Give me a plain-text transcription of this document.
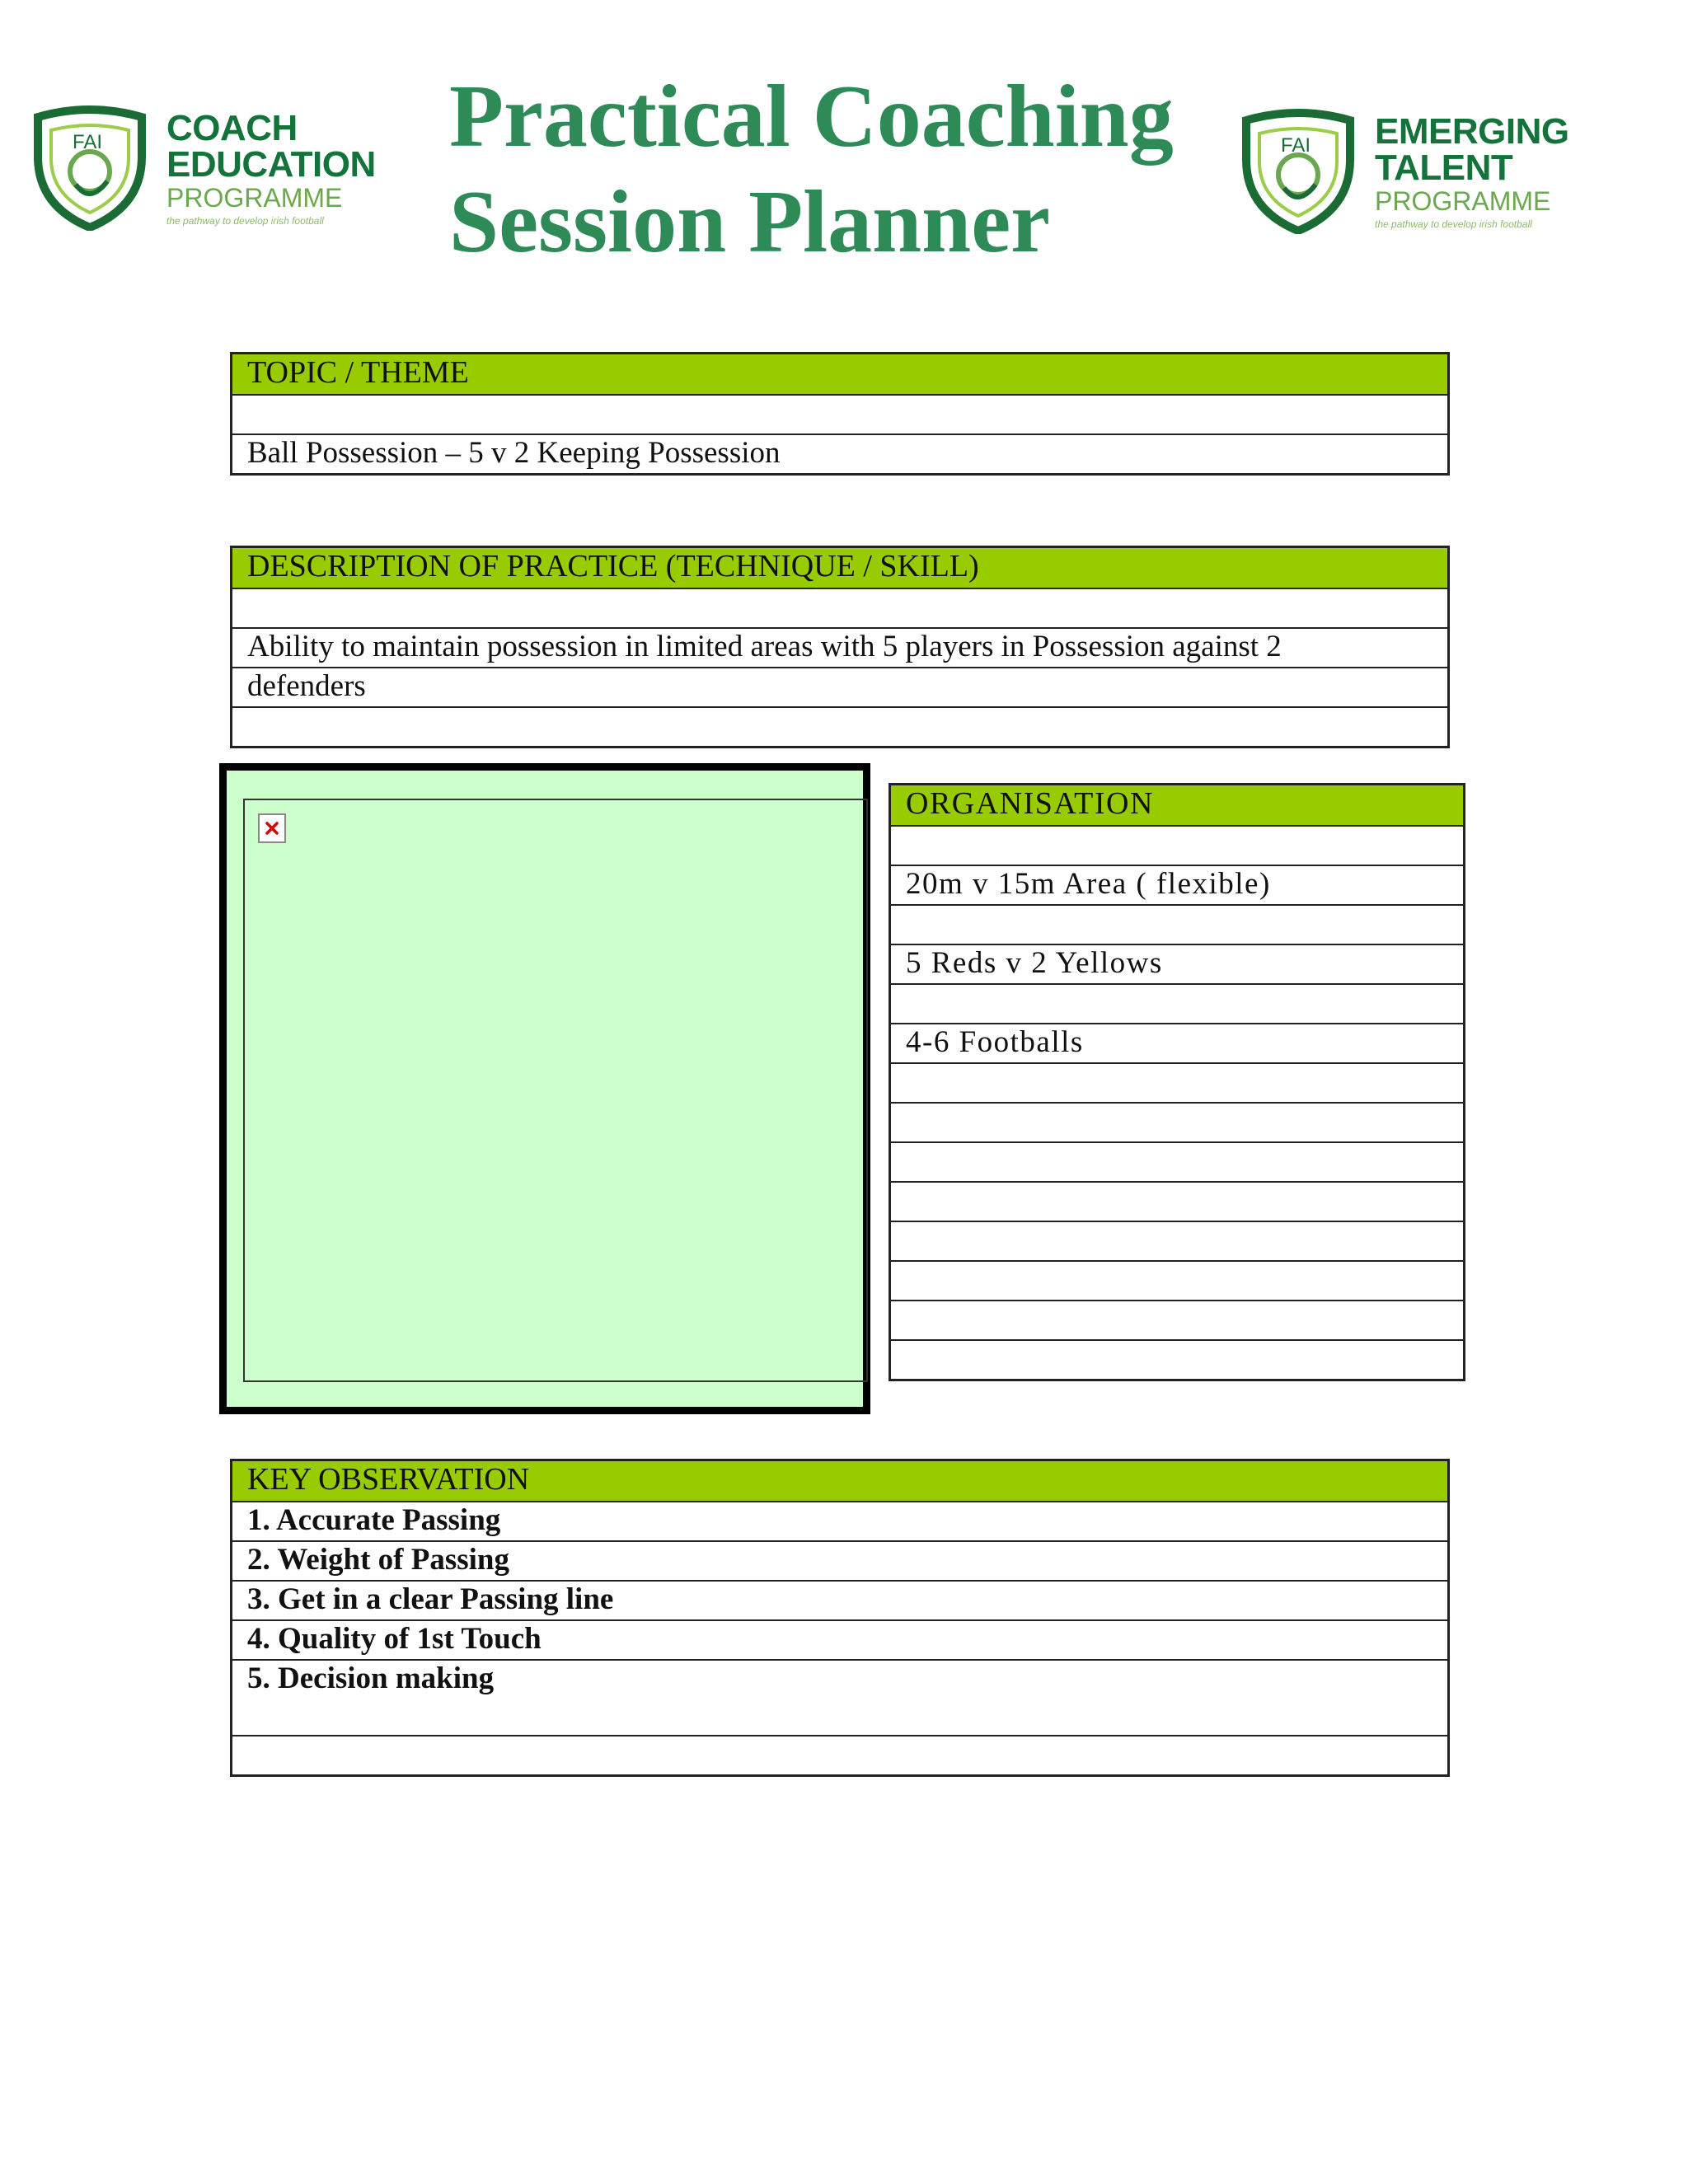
FAI COACH
EDUCATION
PROGRAMME
the pathway to develop irish football
Practical Coaching
Session Planner
FAI EMERGING
TALENT
PROGRAMME
the pathway to develop irish football
TOPIC / THEME
Ball Possession – 5 v 2 Keeping Possession
DESCRIPTION OF PRACTICE (TECHNIQUE / SKILL)
Ability to maintain possession in limited areas with 5 players in Possession against 2
defenders
ORGANISATION
20m v 15m Area ( flexible)
5 Reds v 2 Yellows
4-6 Footballs
KEY OBSERVATION
1. Accurate Passing
2. Weight of Passing
3. Get in a clear Passing line
4. Quality of 1st Touch
5. Decision making
